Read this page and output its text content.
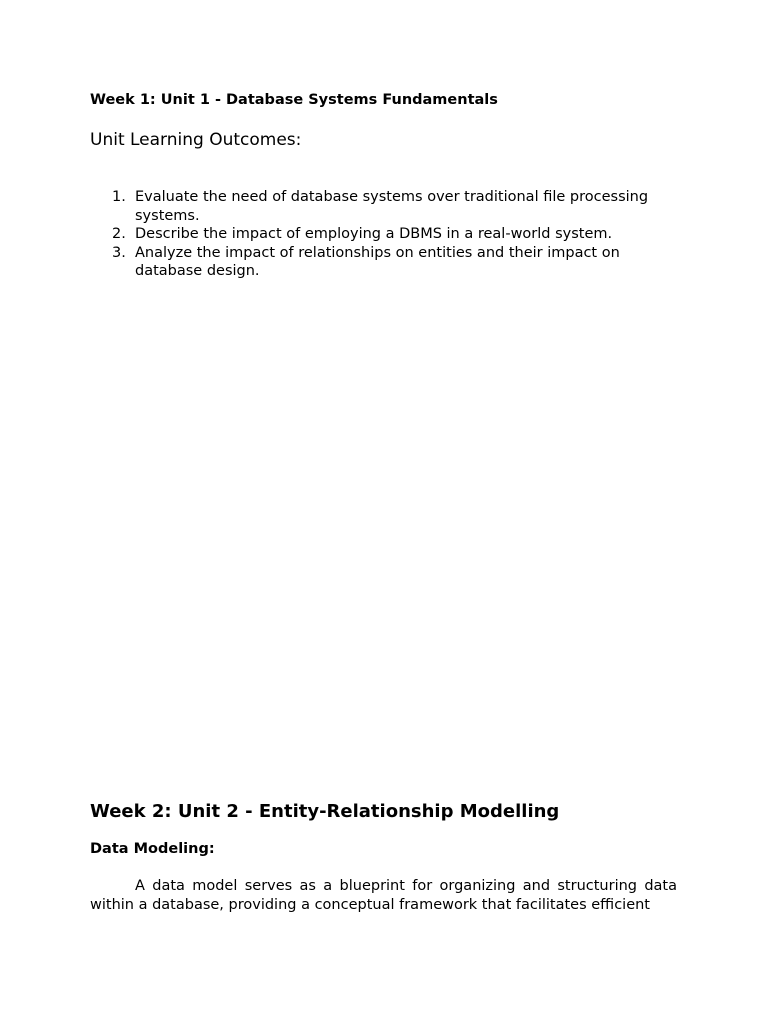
Week 1: Unit 1 - Database Systems Fundamentals
Unit Learning Outcomes:
1. Evaluate the need of database systems over traditional file processing systems.
2. Describe the impact of employing a DBMS in a real-world system.
3. Analyze the impact of relationships on entities and their impact on database design.
Week 2: Unit 2 - Entity-Relationship Modelling
Data Modeling:

A data model serves as a blueprint for organizing and structuring data within a database, providing a conceptual framework that facilitates efficient
